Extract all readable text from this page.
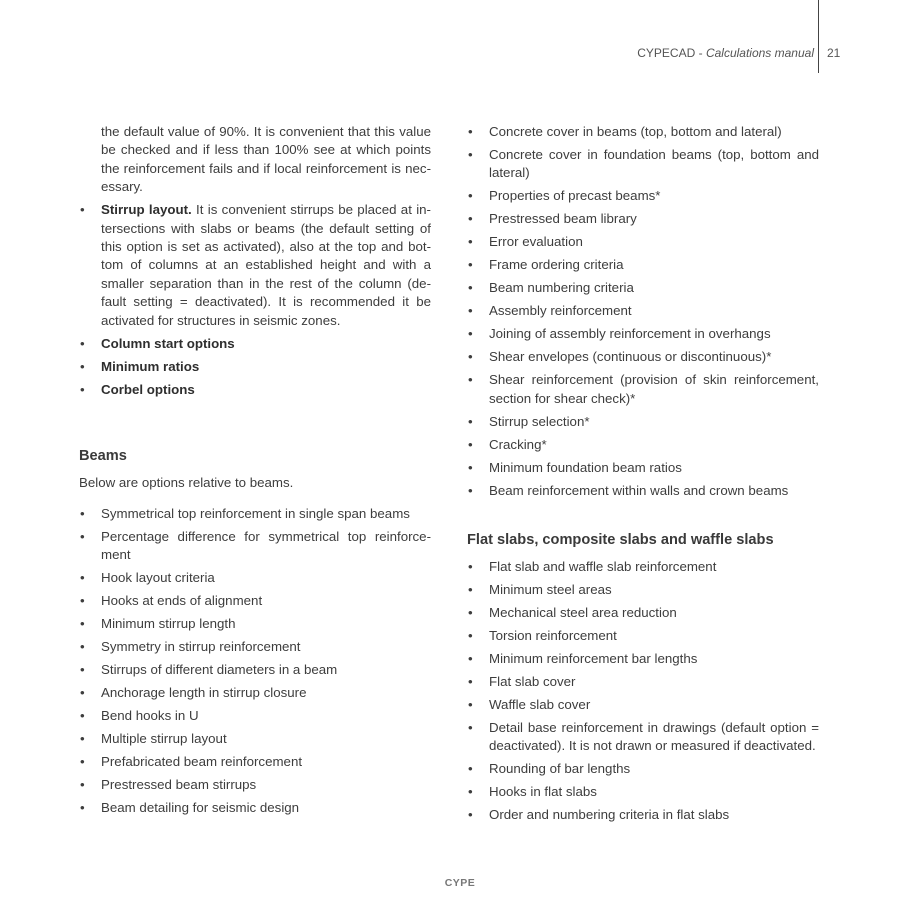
CYPECAD - Calculations manual 21

the default value of 90%. It is convenient that this value be checked and if less than 100% see at which points the reinforcement fails and if local reinforcement is necessary.

• Stirrup layout. It is convenient stirrups be placed at intersections with slabs or beams (the default setting of this option is set as activated), also at the top and bottom of columns at an established height and with a smaller separation than in the rest of the column (default setting = deactivated). It is recommended it be activated for structures in seismic zones.
• Column start options
• Minimum ratios
• Corbel options
Beams

Below are options relative to beams.

• Symmetrical top reinforcement in single span beams
• Percentage difference for symmetrical top reinforcement
• Hook layout criteria
• Hooks at ends of alignment
• Minimum stirrup length
• Symmetry in stirrup reinforcement
• Stirrups of different diameters in a beam
• Anchorage length in stirrup closure
• Bend hooks in U
• Multiple stirrup layout
• Prefabricated beam reinforcement
• Prestressed beam stirrups
• Beam detailing for seismic design
• Concrete cover in beams (top, bottom and lateral)
• Concrete cover in foundation beams (top, bottom and lateral)
• Properties of precast beams*
• Prestressed beam library
• Error evaluation
• Frame ordering criteria
• Beam numbering criteria
• Assembly reinforcement
• Joining of assembly reinforcement in overhangs
• Shear envelopes (continuous or discontinuous)*
• Shear reinforcement (provision of skin reinforcement, section for shear check)*
• Stirrup selection*
• Cracking*
• Minimum foundation beam ratios
• Beam reinforcement within walls and crown beams
Flat slabs, composite slabs and waffle slabs
• Flat slab and waffle slab reinforcement
• Minimum steel areas
• Mechanical steel area reduction
• Torsion reinforcement
• Minimum reinforcement bar lengths
• Flat slab cover
• Waffle slab cover
• Detail base reinforcement in drawings (default option = deactivated). It is not drawn or measured if deactivated.
• Rounding of bar lengths
• Hooks in flat slabs
• Order and numbering criteria in flat slabs
CYPE
